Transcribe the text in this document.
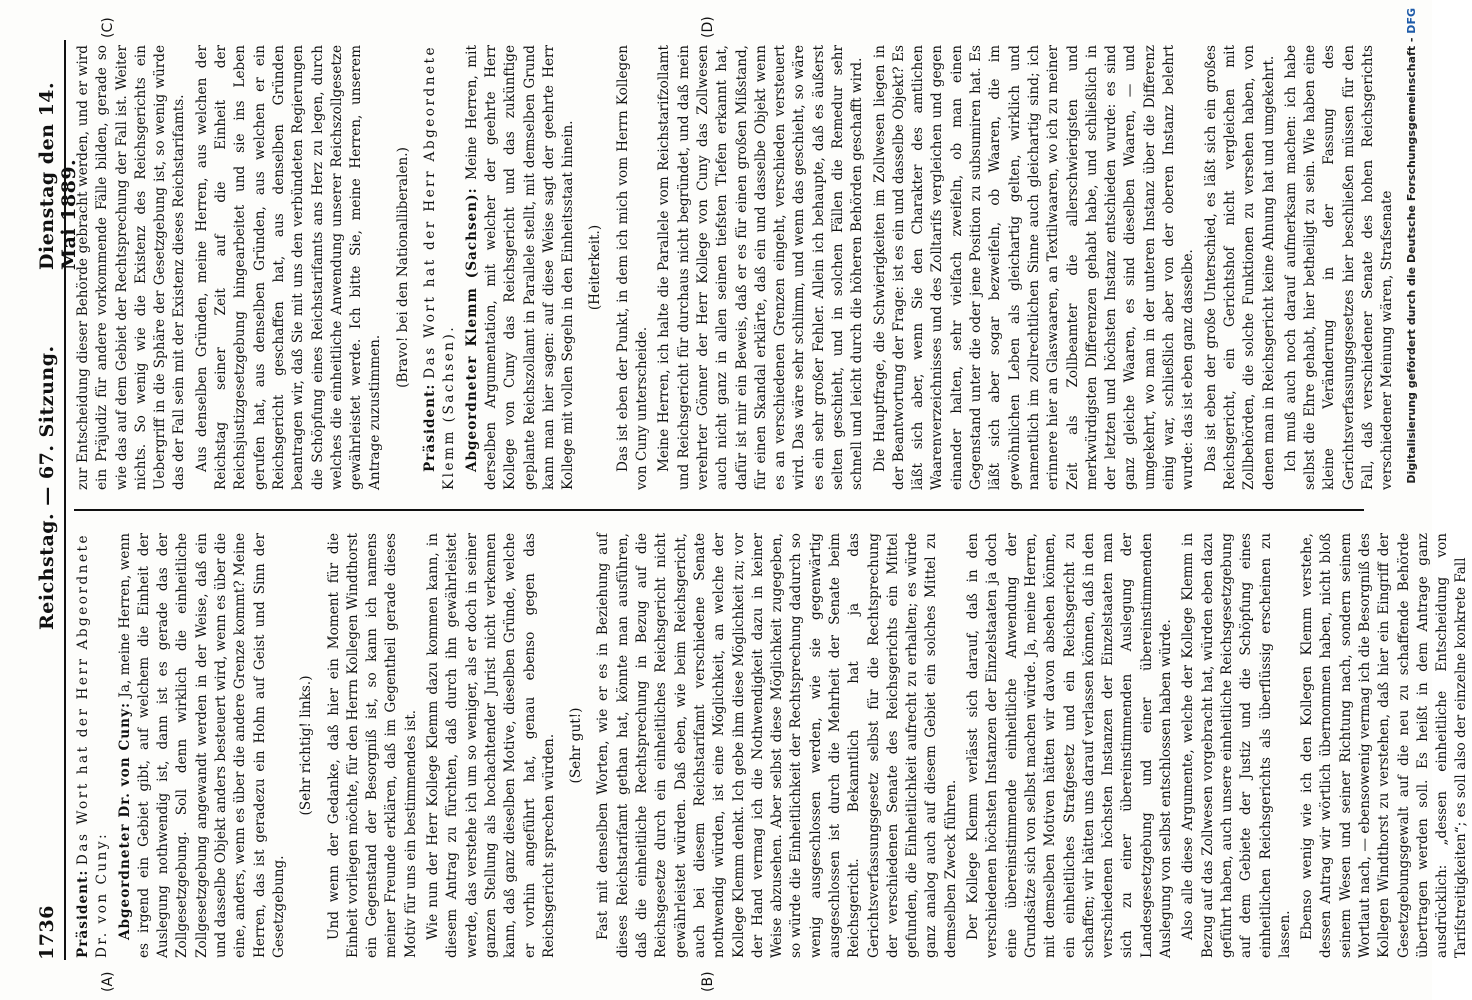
1736
Reichstag. — 67. Sitzung.
Dienstag den 14. Mai 1889.
(A)	(B)
(C)	(D)

Präsident: Das Wort hat der Herr Abgeordnete Dr. von Cuny: Abgeordneter Dr. von Cuny: Ja, meine Herren, wenn es irgend ein Gebiet gibt, auf welchem die Einheit der Auslegung nothwendig ist, dann ist es gerade das der Zollgesetzgebung. Soll denn wirklich die einheitliche Zollgesetzgebung angewandt werden in der Weise, daß ein und dasselbe Objekt anders besteuert wird, wenn es über die eine, anders, wenn es über die andere Grenze kommt? Meine Herren, das ist geradezu ein Hohn auf Geist und Sinn der Gesetzgebung.

(Sehr richtig! links.) Und wenn der Gedanke, daß hier ein Moment für die Einheit vorliegen möchte, für den Herrn Kollegen Windthorst ein Gegenstand der Besorgniß ist, so kann ich namens meiner Freunde erklären, daß im Gegentheil gerade dieses Motiv für uns ein bestimmendes ist. Wie nun der Herr Kollege Klemm dazu kommen kann, in diesem Antrag zu fürchten, daß durch ihn gewährleistet werde, das verstehe ich um so weniger, als er doch in seiner ganzen Stellung als hochachtender Jurist nicht verkennen kann, daß ganz dieselben Motive, dieselben Gründe, welche er vorhin angeführt hat, genau ebenso gegen das Reichsgericht sprechen würden. (Sehr gut!) Fast mit denselben Worten, wie er es in Beziehung auf dieses Reichstarifamt gethan hat, könnte man ausführen, daß die einheitliche Rechtsprechung in Bezug auf die Reichsgesetze durch ein einheitliches Reichsgericht nicht gewährleistet würden. Daß eben, wie beim Reichsgericht, auch bei diesem Reichstarifamt verschiedene Senate nothwendig würden, ist eine Möglichkeit, an welche der Kollege Klemm denkt. Ich gebe ihm diese Möglichkeit zu; vor der Hand vermag ich die Nothwendigkeit dazu in keiner Weise abzusehen. Aber selbst diese Möglichkeit zugegeben, so würde die Einheitlichkeit der Rechtsprechung dadurch so wenig ausgeschlossen werden, wie sie gegenwärtig ausgeschlossen ist durch die Mehrheit der Senate beim Reichsgericht. Bekanntlich hat ja das Gerichtsverfassungsgesetz selbst für die Rechtsprechung der verschiedenen Senate des Reichsgerichts ein Mittel gefunden, die Einheitlichkeit aufrecht zu erhalten; es würde ganz analog auch auf diesem Gebiet ein solches Mittel zu demselben Zweck führen. Der Kollege Klemm verlässt sich darauf, daß in den verschiedenen höchsten Instanzen der Einzelstaaten ja doch eine übereinstimmende einheitliche Anwendung der Grundsätze sich von selbst machen würde. Ja, meine Herren, mit demselben Motiven hätten wir davon absehen können, ein einheitliches Strafgesetz und ein Reichsgericht zu schaffen; wir hätten uns darauf verlassen können, daß in den verschiedenen höchsten Instanzen der Einzelstaaten man sich zu einer übereinstimmenden Auslegung der Landesgesetzgebung und einer übereinstimmenden Auslegung von selbst entschlossen haben würde. Also alle diese Argumente, welche der Kollege Klemm in Bezug auf das Zollwesen vorgebracht hat, würden eben dazu geführt haben, auch unsere einheitliche Reichsgesetzgebung auf dem Gebiete der Justiz und die Schöpfung eines einheitlichen Reichsgerichts als überflüssig erscheinen zu lassen. Ebenso wenig wie ich den Kollegen Klemm verstehe, dessen Antrag wir wörtlich übernommen haben, nicht bloß seinem Wesen und seiner Richtung nach, sondern seinem Wortlaut nach, — ebensowenig vermag ich die Besorgniß des Kollegen Windthorst zu verstehen, daß hier ein Eingriff der Gesetzgebungsgewalt auf die neu zu schaffende Behörde übertragen werden soll. Es heißt in dem Antrage ganz ausdrücklich: „dessen einheitliche Entscheidung von Tarifstreitigkeiten“; es soll also der einzelne konkrete Fall

zur Entscheidung dieser Behörde gebracht werden, und er wird ein Präjudiz für andere vorkommende Fälle bilden, gerade so wie das auf dem Gebiet der Rechtsprechung der Fall ist. Weiter nichts. So wenig wie die Existenz des Reichsgerichts ein Uebergriff in die Sphäre der Gesetzgebung ist, so wenig würde das der Fall sein mit der Existenz dieses Reichstarifamts. Aus denselben Gründen, meine Herren, aus welchen der Reichstag seiner Zeit auf die Einheit der Reichsjustizgesetzgebung hingearbeitet und sie ins Leben gerufen hat, aus denselben Gründen, aus welchen er ein Reichsgericht geschaffen hat, aus denselben Gründen beantragen wir, daß Sie mit uns den verbündeten Regierungen die Schöpfung eines Reichstarifamts ans Herz zu legen, durch welches die einheitliche Anwendung unserer Reichszollgesetze gewährleistet werde. Ich bitte Sie, meine Herren, unserem Antrage zuzustimmen.

(Bravo! bei den Nationalliberalen.)

Präsident: Das Wort hat der Herr Abgeordnete Klemm (Sachsen). Abgeordneter Klemm (Sachsen): Meine Herren, mit derselben Argumentation, mit welcher der geehrte Herr Kollege von Cuny das Reichsgericht und das zukünftige geplante Reichszollamt in Parallele stellt, mit demselben Grund kann man hier sagen: auf diese Weise sagt der geehrte Herr Kollege mit vollen Segeln in den Einheitsstaat hinein. (Heiterkeit.) Das ist eben der Punkt, in dem ich mich vom Herrn Kollegen von Cuny unterscheide. Meine Herren, ich halte die Parallele vom Reichstarifzollamt und Reichsgericht für durchaus nicht begründet, und daß mein verehrter Gönner der Herr Kollege von Cuny das Zollwesen auch nicht ganz in allen seinen tiefsten Tiefen erkannt hat, dafür ist mir ein Beweis, daß er es für einen großen Mißstand, für einen Skandal erklärte, daß ein und dasselbe Objekt wenn es an verschiedenen Grenzen eingeht, verschieden versteuert wird. Das wäre sehr schlimm, und wenn das geschieht, so wäre es ein sehr großer Fehler. Allein ich behaupte, daß es äußerst selten geschieht, und in solchen Fällen die Remedur sehr schnell und leicht durch die höheren Behörden geschafft wird. Die Hauptfrage, die Schwierigkeiten im Zollwesen liegen in der Beantwortung der Frage: ist es ein und dasselbe Objekt? Es läßt sich aber, wenn Sie den Charakter des amtlichen Waarenverzeichnisses und des Zolltarifs vergleichen und gegen einander halten, sehr vielfach zweifeln, ob man einen Gegenstand unter die oder jene Position zu subsumiren hat. Es läßt sich aber sogar bezweifeln, ob Waaren, die im gewöhnlichen Leben als gleichartig gelten, wirklich und namentlich im zollrechtlichen Sinne auch gleichartig sind; ich erinnere hier an Glaswaaren, an Textilwaaren, wo ich zu meiner Zeit als Zollbeamter die allerschwierigsten und merkwürdigsten Differenzen gehabt habe, und schließlich in der letzten und höchsten Instanz entschieden wurde: es sind ganz gleiche Waaren, es sind dieselben Waaren, — und umgekehrt, wo man in der unteren Instanz über die Differenz einig war, schließlich aber von der oberen Instanz belehrt wurde: das ist eben ganz dasselbe. Das ist eben der große Unterschied, es läßt sich ein großes Reichsgericht, ein Gerichtshof nicht vergleichen mit Zollbehörden, die solche Funktionen zu versehen haben, von denen man in Reichsgericht keine Ahnung hat und umgekehrt. Ich muß auch noch darauf aufmerksam machen: ich habe selbst die Ehre gehabt, hier betheiligt zu sein. Wie haben eine kleine Veränderung in der Fassung des Gerichtsverfassungsgesetzes hier beschließen müssen für den Fall, daß verschiedener Senate des hohen Reichsgerichts verschiedener Meinung wären, Strafsenate Digitalisierung gefördert durch die Deutsche Forschungsgemeinschaft - DFG
